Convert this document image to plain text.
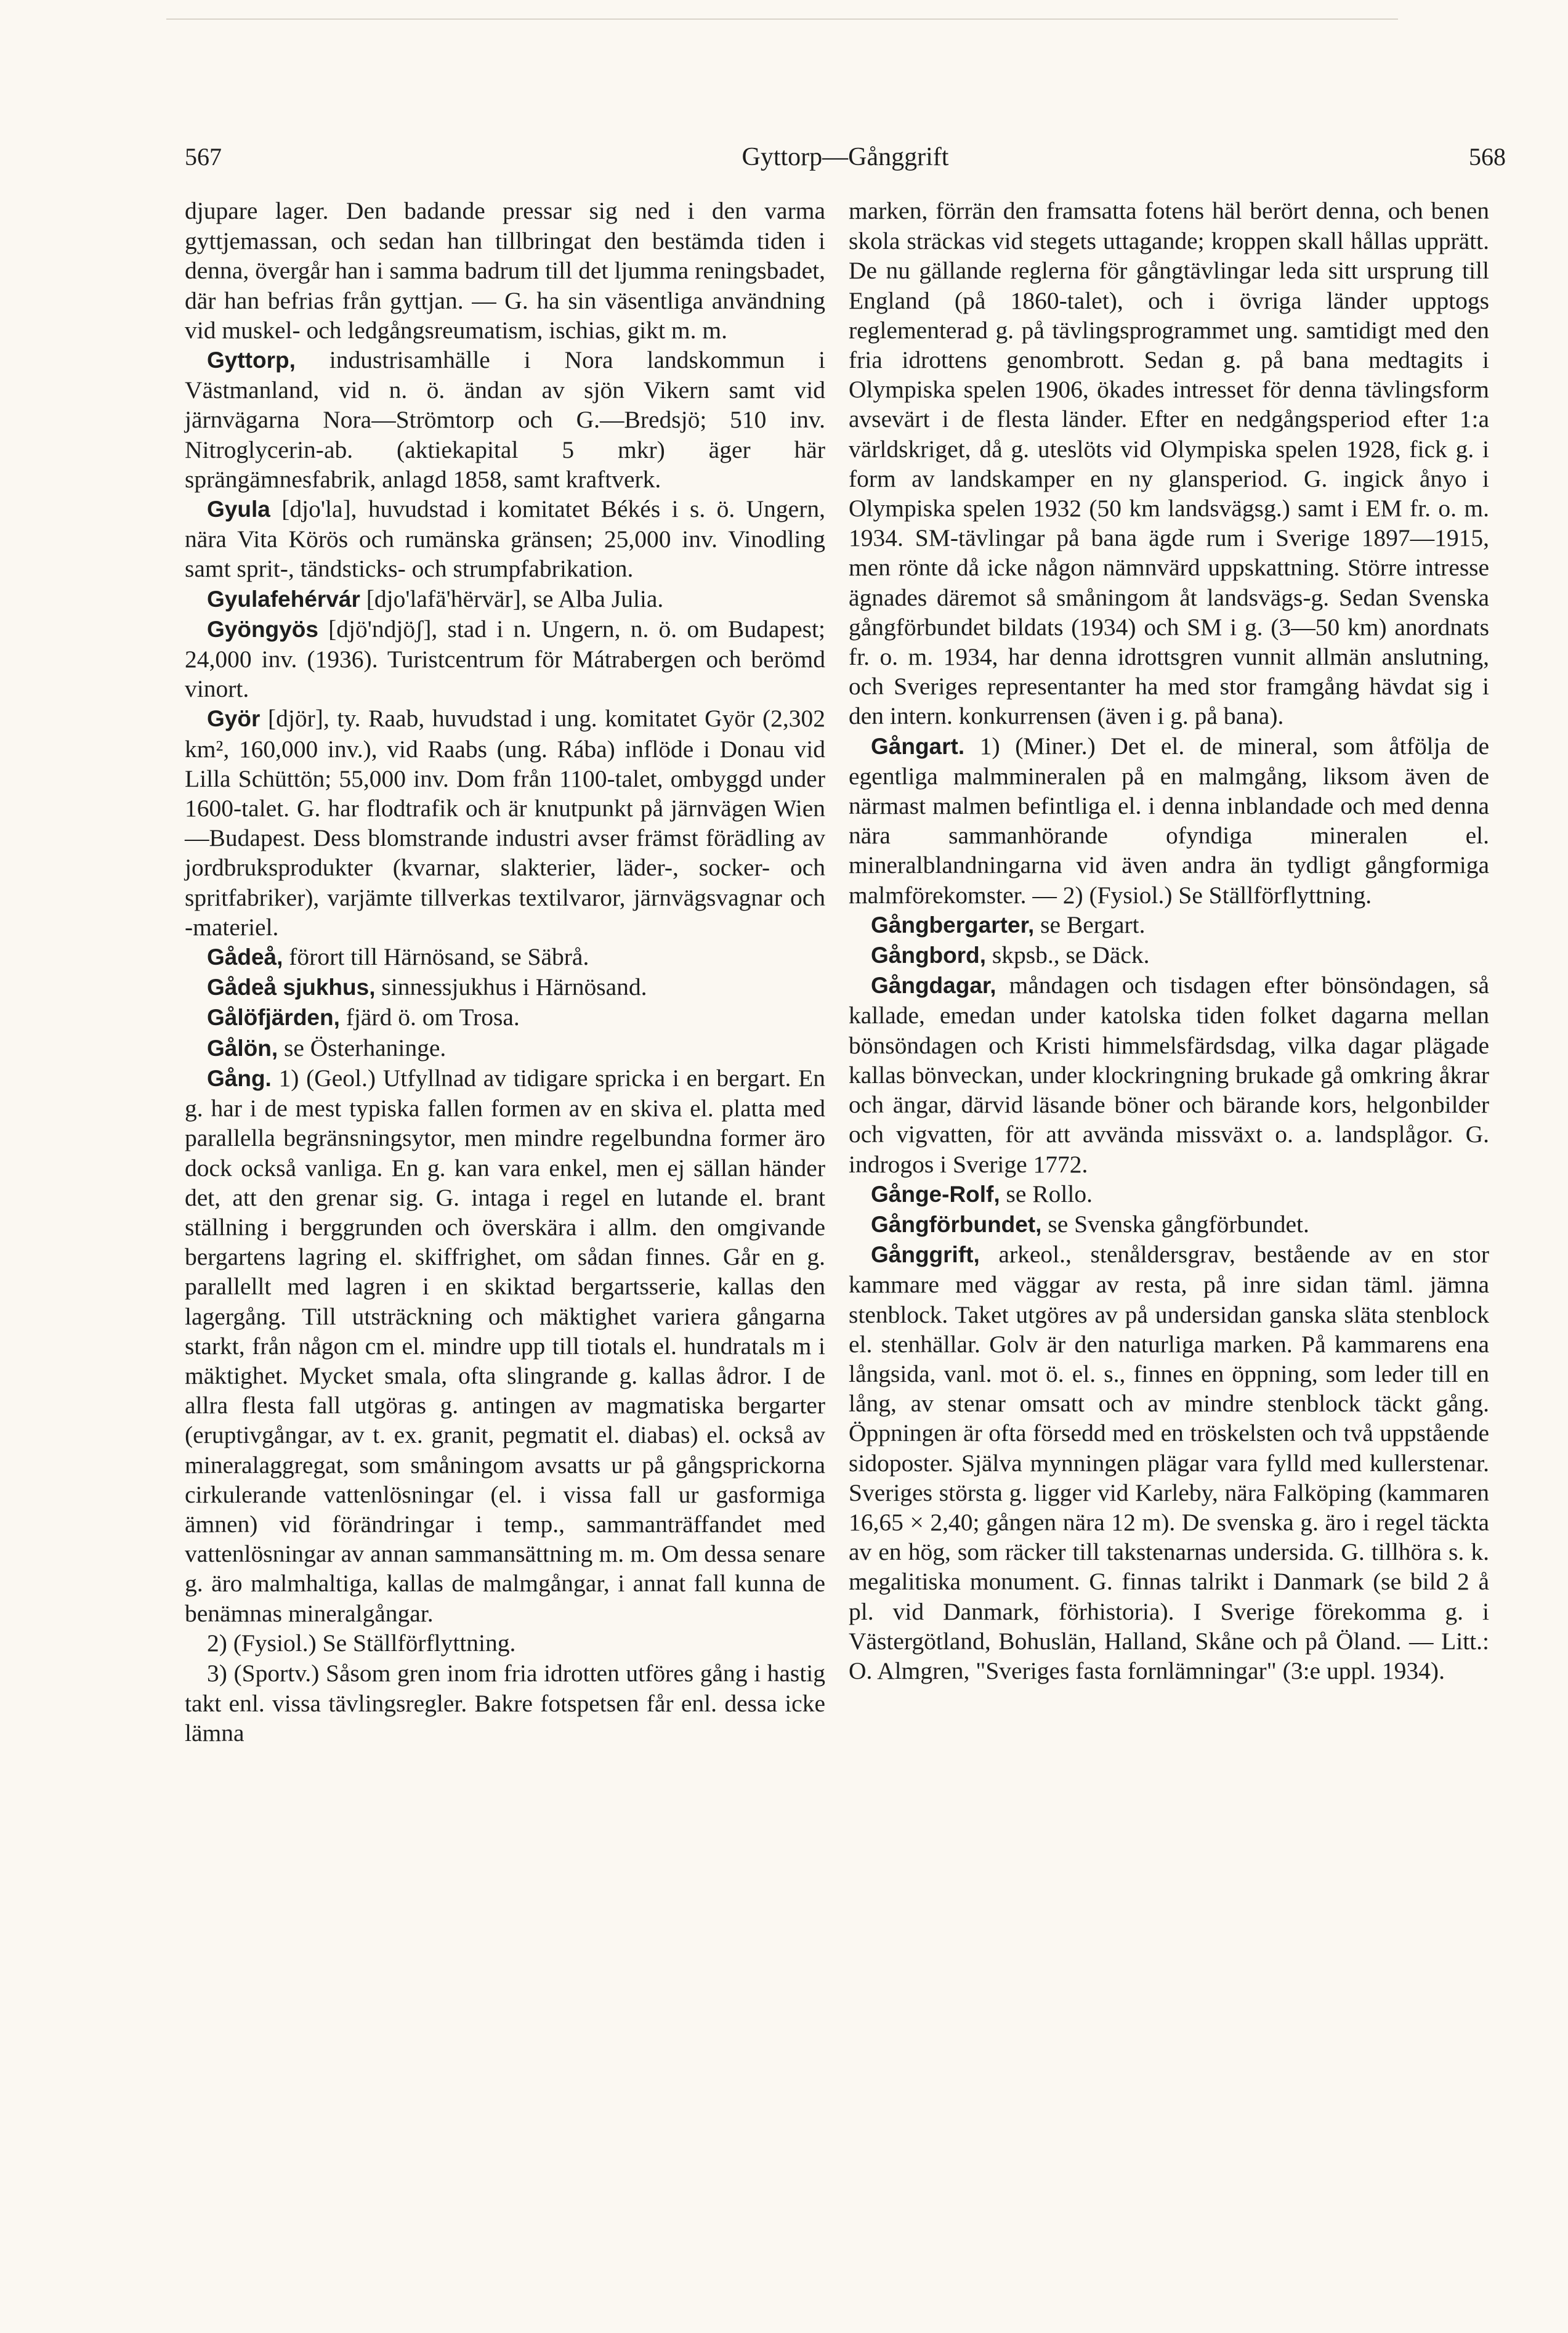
567	Gyttorp—Gånggrift	568

djupare lager. Den badande pressar sig ned i den varma gyttjemassan, och sedan han tillbringat den bestämda tiden i denna, övergår han i samma badrum till det ljumma reningsbadet, där han befrias från gyttjan. — G. ha sin väsentliga användning vid muskel- och ledgångsreumatism, ischias, gikt m. m.

Gyttorp, industrisamhälle i Nora landskommun i Västmanland, vid n. ö. ändan av sjön Vikern samt vid järnvägarna Nora—Strömtorp och G.—Bredsjö; 510 inv. Nitroglycerin-ab. (aktiekapital 5 mkr) äger här sprängämnesfabrik, anlagd 1858, samt kraftverk.

Gyula [djo'la], huvudstad i komitatet Békés i s. ö. Ungern, nära Vita Körös och rumänska gränsen; 25,000 inv. Vinodling samt sprit-, tändsticks- och strumpfabrikation.

Gyulafehérvár [djo'lafä'hërvär], se Alba Julia.

Gyöngyös [djö'ndjöʃ], stad i n. Ungern, n. ö. om Budapest; 24,000 inv. (1936). Turistcentrum för Mátrabergen och berömd vinort.

Györ [djör], ty. Raab, huvudstad i ung. komitatet Györ (2,302 km², 160,000 inv.), vid Raabs (ung. Rába) inflöde i Donau vid Lilla Schüttön; 55,000 inv. Dom från 1100-talet, ombyggd under 1600-talet. G. har flodtrafik och är knutpunkt på järnvägen Wien—Budapest. Dess blomstrande industri avser främst förädling av jordbruksprodukter (kvarnar, slakterier, läder-, socker- och spritfabriker), varjämte tillverkas textilvaror, järnvägsvagnar och -materiel.

Gådeå, förort till Härnösand, se Säbrå.

Gådeå sjukhus, sinnessjukhus i Härnösand.

Gålöfjärden, fjärd ö. om Trosa.

Gålön, se Österhaninge.

Gång. 1) (Geol.) Utfyllnad av tidigare spricka i en bergart. En g. har i de mest typiska fallen formen av en skiva el. platta med parallella begränsningsytor, men mindre regelbundna former äro dock också vanliga. En g. kan vara enkel, men ej sällan händer det, att den grenar sig. G. intaga i regel en lutande el. brant ställning i berggrunden och överskära i allm. den omgivande bergartens lagring el. skiffrighet, om sådan finnes. Går en g. parallellt med lagren i en skiktad bergartsserie, kallas den lagergång. Till utsträckning och mäktighet variera gångarna starkt, från någon cm el. mindre upp till tiotals el. hundratals m i mäktighet. Mycket smala, ofta slingrande g. kallas ådror. I de allra flesta fall utgöras g. antingen av magmatiska bergarter (eruptivgångar, av t. ex. granit, pegmatit el. diabas) el. också av mineralaggregat, som småningom avsatts ur på gångsprickorna cirkulerande vattenlösningar (el. i vissa fall ur gasformiga ämnen) vid förändringar i temp., sammanträffandet med vattenlösningar av annan sammansättning m. m. Om dessa senare g. äro malmhaltiga, kallas de malmgångar, i annat fall kunna de benämnas mineralgångar.

2) (Fysiol.) Se Ställförflyttning.

3) (Sportv.) Såsom gren inom fria idrotten utföres gång i hastig takt enl. vissa tävlingsregler. Bakre fotspetsen får enl. dessa icke lämna

marken, förrän den framsatta fotens häl berört denna, och benen skola sträckas vid stegets uttagande; kroppen skall hållas upprätt. De nu gällande reglerna för gångtävlingar leda sitt ursprung till England (på 1860-talet), och i övriga länder upptogs reglementerad g. på tävlingsprogrammet ung. samtidigt med den fria idrottens genombrott. Sedan g. på bana medtagits i Olympiska spelen 1906, ökades intresset för denna tävlingsform avsevärt i de flesta länder. Efter en nedgångsperiod efter 1:a världskriget, då g. uteslöts vid Olympiska spelen 1928, fick g. i form av landskamper en ny glansperiod. G. ingick ånyo i Olympiska spelen 1932 (50 km landsvägsg.) samt i EM fr. o. m. 1934. SM-tävlingar på bana ägde rum i Sverige 1897—1915, men rönte då icke någon nämnvärd uppskattning. Större intresse ägnades däremot så småningom åt landsvägs-g. Sedan Svenska gångförbundet bildats (1934) och SM i g. (3—50 km) anordnats fr. o. m. 1934, har denna idrottsgren vunnit allmän anslutning, och Sveriges representanter ha med stor framgång hävdat sig i den intern. konkurrensen (även i g. på bana).

Gångart. 1) (Miner.) Det el. de mineral, som åtfölja de egentliga malmmineralen på en malmgång, liksom även de närmast malmen befintliga el. i denna inblandade och med denna nära sammanhörande ofyndiga mineralen el. mineralblandningarna vid även andra än tydligt gångformiga malmförekomster. — 2) (Fysiol.) Se Ställförflyttning.

Gångbergarter, se Bergart.

Gångbord, skpsb., se Däck.

Gångdagar, måndagen och tisdagen efter bönsöndagen, så kallade, emedan under katolska tiden folket dagarna mellan bönsöndagen och Kristi himmelsfärdsdag, vilka dagar plägade kallas bönveckan, under klockringning brukade gå omkring åkrar och ängar, därvid läsande böner och bärande kors, helgonbilder och vigvatten, för att avvända missväxt o. a. landsplågor. G. indrogos i Sverige 1772.

Gånge-Rolf, se Rollo.

Gångförbundet, se Svenska gångförbundet.

Gånggrift, arkeol., stenåldersgrav, bestående av en stor kammare med väggar av resta, på inre sidan täml. jämna stenblock. Taket utgöres av på undersidan ganska släta stenblock el. stenhällar. Golv är den naturliga marken. På kammarens ena långsida, vanl. mot ö. el. s., finnes en öppning, som leder till en lång, av stenar omsatt och av mindre stenblock täckt gång. Öppningen är ofta försedd med en tröskelsten och två uppstående sidoposter. Själva mynningen plägar vara fylld med kullerstenar. Sveriges största g. ligger vid Karleby, nära Falköping (kammaren 16,65 × 2,40; gången nära 12 m). De svenska g. äro i regel täckta av en hög, som räcker till takstenarnas undersida. G. tillhöra s. k. megalitiska monument. G. finnas talrikt i Danmark (se bild 2 å pl. vid Danmark, förhistoria). I Sverige förekomma g. i Västergötland, Bohuslän, Halland, Skåne och på Öland. — Litt.: O. Almgren, "Sveriges fasta fornlämningar" (3:e uppl. 1934).
